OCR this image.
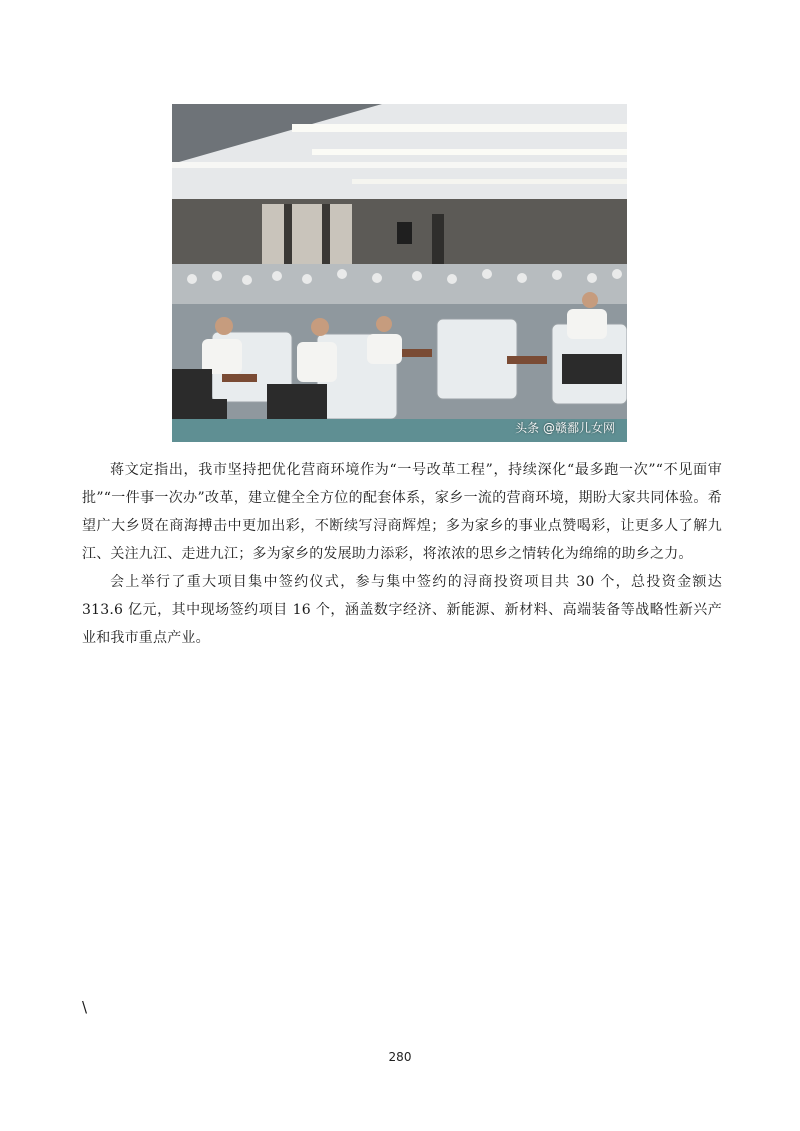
头条 @赣鄱儿女网

蒋文定指出，我市坚持把优化营商环境作为“一号改革工程”，持续深化“最多跑一次”“不见面审批”“一件事一次办”改革，建立健全全方位的配套体系，家乡一流的营商环境，期盼大家共同体验。希望广大乡贤在商海搏击中更加出彩，不断续写浔商辉煌；多为家乡的事业点赞喝彩，让更多人了解九江、关注九江、走进九江；多为家乡的发展助力添彩，将浓浓的思乡之情转化为绵绵的助乡之力。

会上举行了重大项目集中签约仪式，参与集中签约的浔商投资项目共 30 个，总投资金额达 313.6 亿元，其中现场签约项目 16 个，涵盖数字经济、新能源、新材料、高端装备等战略性新兴产业和我市重点产业。

\
280
